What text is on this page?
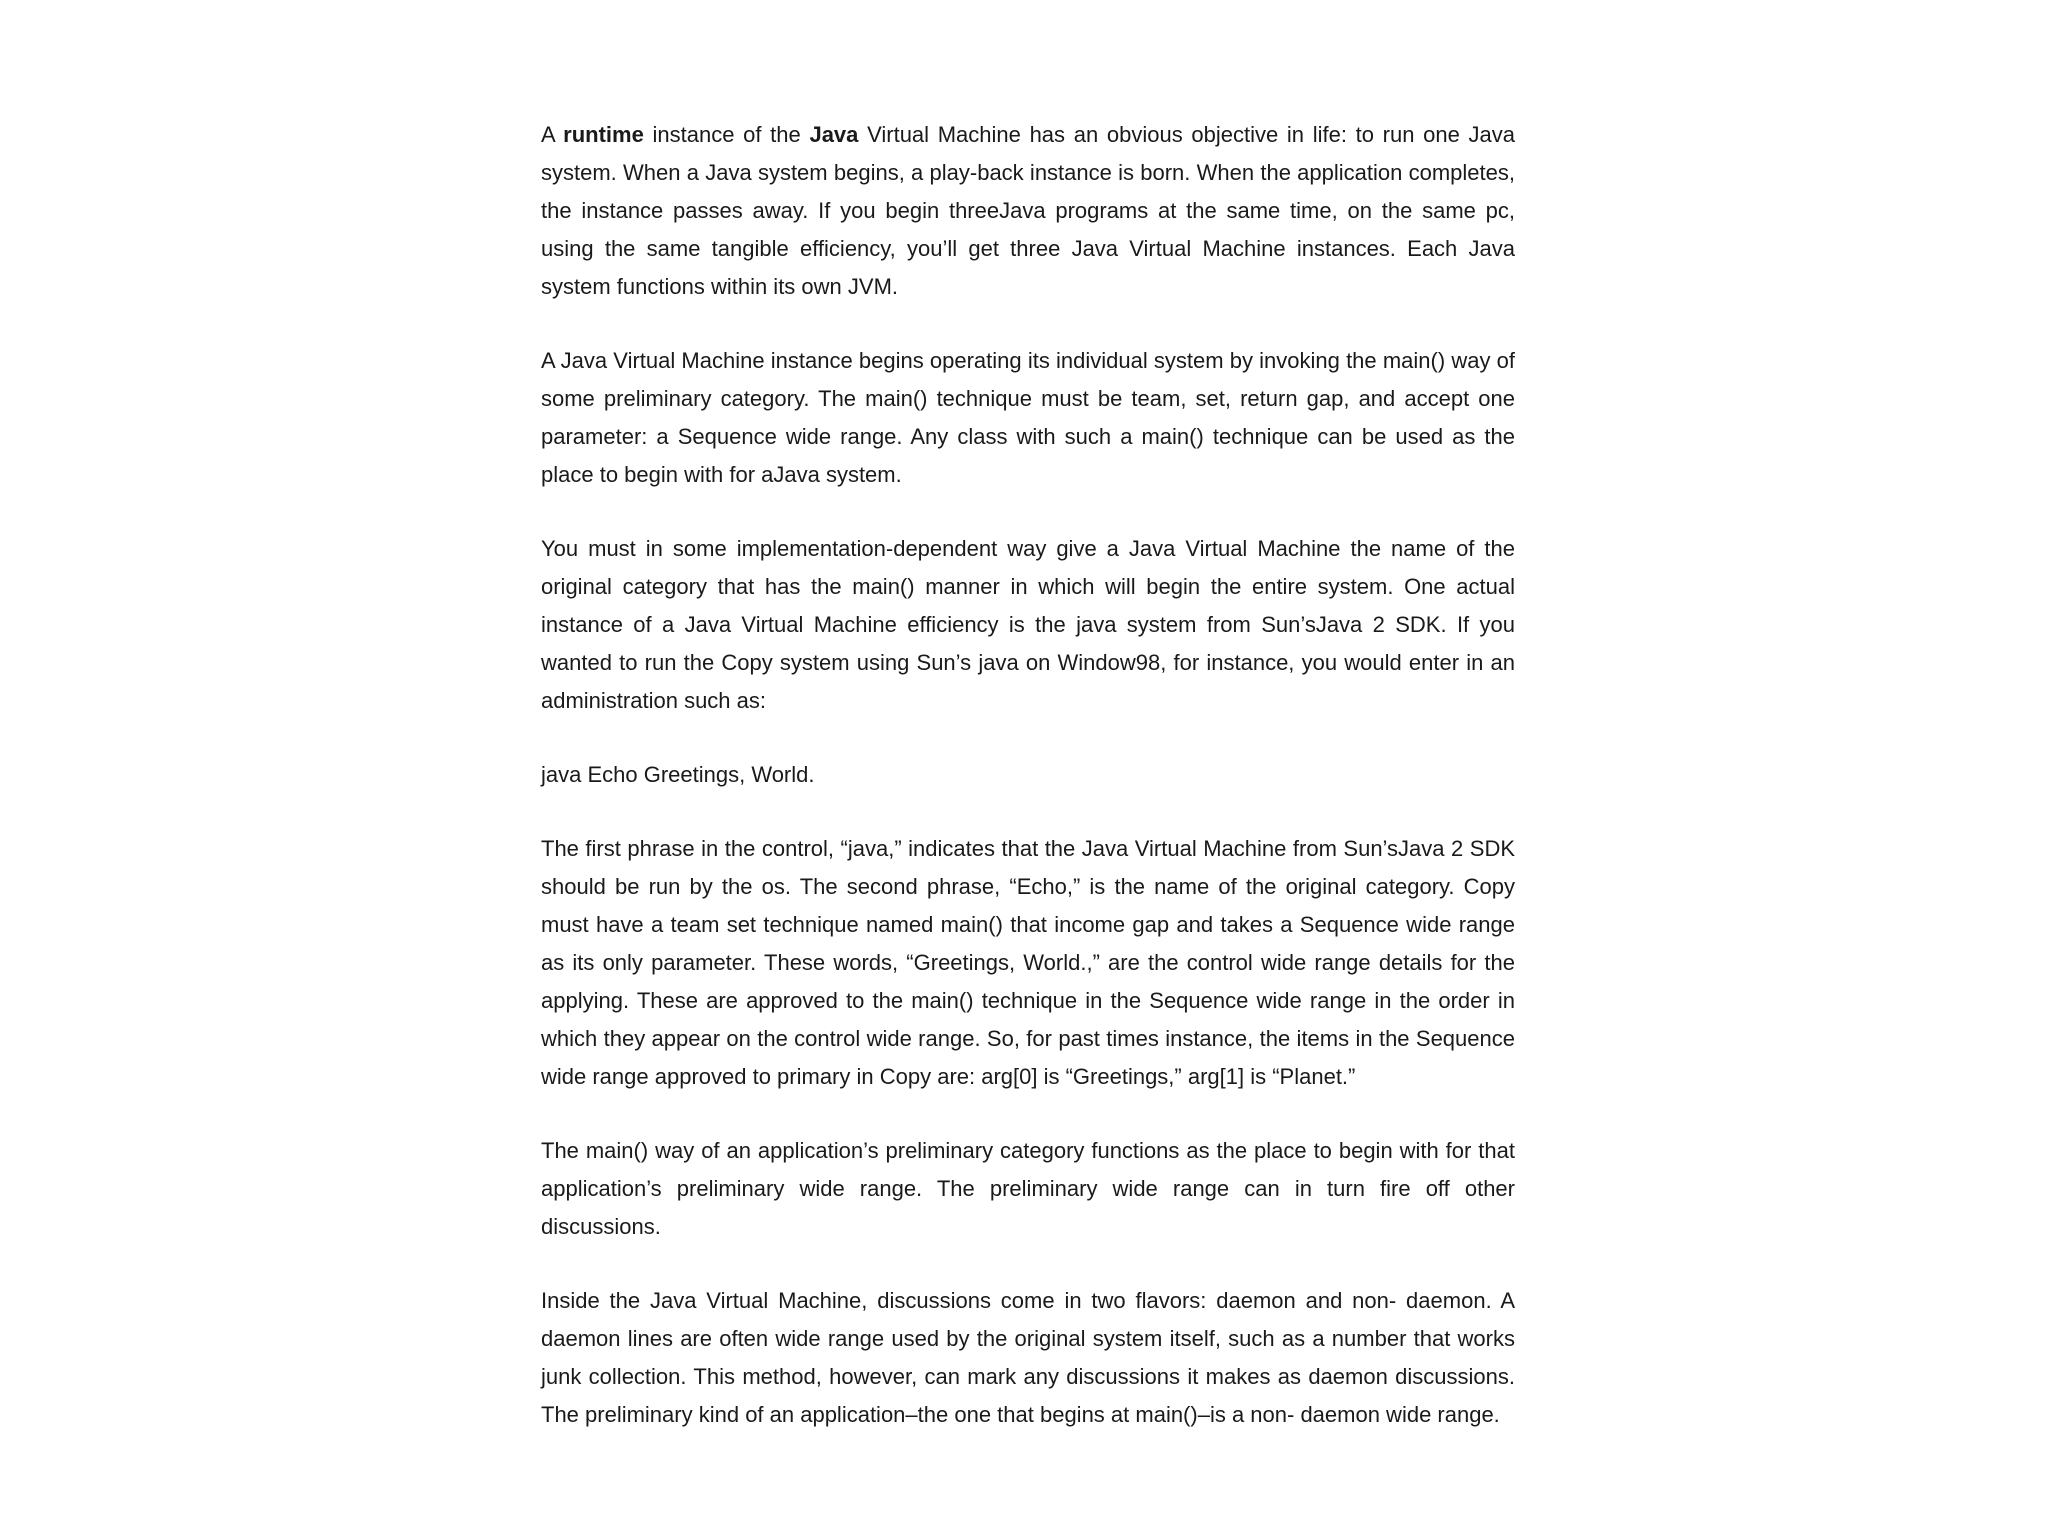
A runtime instance of the Java Virtual Machine has an obvious objective in life: to run one Java system. When a Java system begins, a play-back instance is born. When the application completes, the instance passes away. If you begin threeJava programs at the same time, on the same pc, using the same tangible efficiency, you’ll get three Java Virtual Machine instances. Each Java system functions within its own JVM.

A Java Virtual Machine instance begins operating its individual system by invoking the main() way of some preliminary category. The main() technique must be team, set, return gap, and accept one parameter: a Sequence wide range. Any class with such a main() technique can be used as the place to begin with for aJava system.

You must in some implementation-dependent way give a Java Virtual Machine the name of the original category that has the main() manner in which will begin the entire system. One actual instance of a Java Virtual Machine efficiency is the java system from Sun’sJava 2 SDK. If you wanted to run the Copy system using Sun’s java on Window98, for instance, you would enter in an administration such as:

java Echo Greetings, World.

The first phrase in the control, “java,” indicates that the Java Virtual Machine from Sun’sJava 2 SDK should be run by the os. The second phrase, “Echo,” is the name of the original category. Copy must have a team set technique named main() that income gap and takes a Sequence wide range as its only parameter. These words, “Greetings, World.,” are the control wide range details for the applying. These are approved to the main() technique in the Sequence wide range in the order in which they appear on the control wide range. So, for past times instance, the items in the Sequence wide range approved to primary in Copy are: arg[0] is “Greetings,” arg[1] is “Planet.”

The main() way of an application’s preliminary category functions as the place to begin with for that application’s preliminary wide range. The preliminary wide range can in turn fire off other discussions.

Inside the Java Virtual Machine, discussions come in two flavors: daemon and non- daemon. A daemon lines are often wide range used by the original system itself, such as a number that works junk collection. This method, however, can mark any discussions it makes as daemon discussions. The preliminary kind of an application–the one that begins at main()–is a non- daemon wide range.
